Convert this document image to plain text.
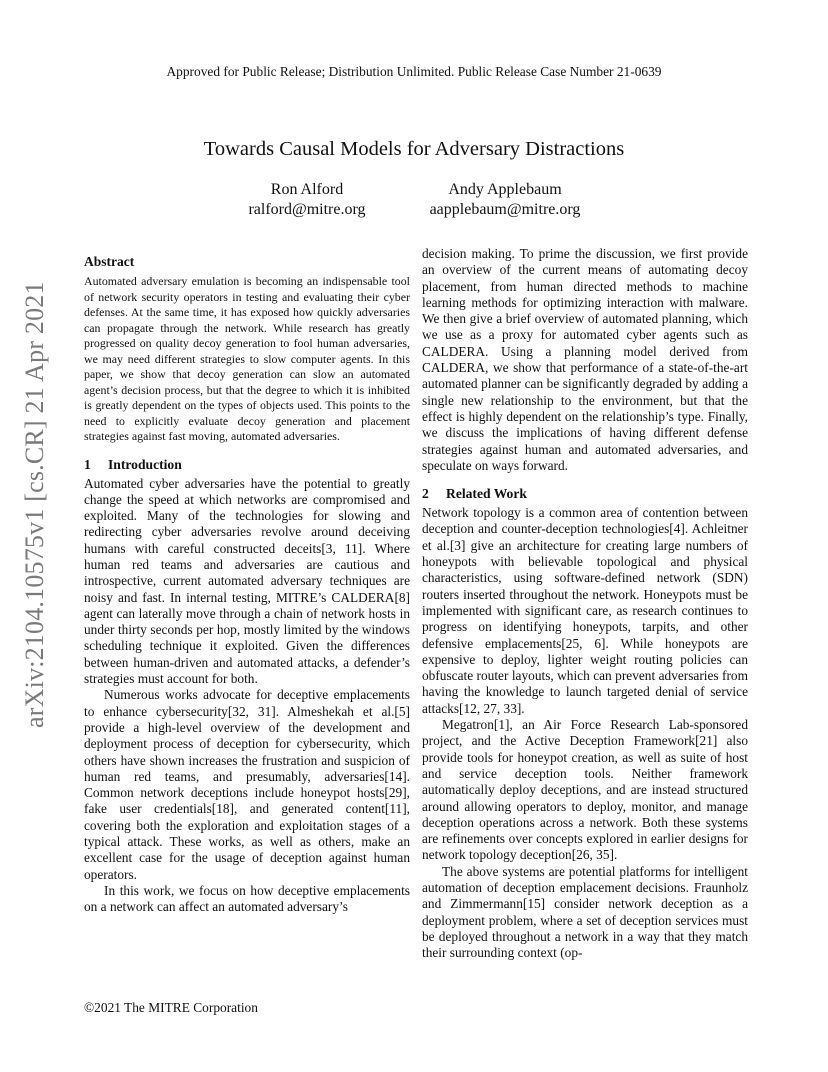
Approved for Public Release; Distribution Unlimited. Public Release Case Number 21-0639
Towards Causal Models for Adversary Distractions
Ron Alford
ralford@mitre.org
Andy Applebaum
aapplebaum@mitre.org
arXiv:2104.10575v1 [cs.CR] 21 Apr 2021
Abstract

Automated adversary emulation is becoming an indispensable tool of network security operators in testing and evaluating their cyber defenses. At the same time, it has exposed how quickly adversaries can propagate through the network. While research has greatly progressed on quality decoy generation to fool human adversaries, we may need different strategies to slow computer agents. In this paper, we show that decoy generation can slow an automated agent’s decision process, but that the degree to which it is inhibited is greatly dependent on the types of objects used. This points to the need to explicitly evaluate decoy generation and placement strategies against fast moving, automated adversaries.

1 Introduction

Automated cyber adversaries have the potential to greatly change the speed at which networks are compromised and exploited. Many of the technologies for slowing and redirecting cyber adversaries revolve around deceiving humans with careful constructed deceits[3, 11]. Where human red teams and adversaries are cautious and introspective, current automated adversary techniques are noisy and fast. In internal testing, MITRE’s CALDERA[8] agent can laterally move through a chain of network hosts in under thirty seconds per hop, mostly limited by the windows scheduling technique it exploited. Given the differences between human-driven and automated attacks, a defender’s strategies must account for both.

Numerous works advocate for deceptive emplacements to enhance cybersecurity[32, 31]. Almeshekah et al.[5] provide a high-level overview of the development and deployment process of deception for cybersecurity, which others have shown increases the frustration and suspicion of human red teams, and presumably, adversaries[14]. Common network deceptions include honeypot hosts[29], fake user credentials[18], and generated content[11], covering both the exploration and exploitation stages of a typical attack. These works, as well as others, make an excellent case for the usage of deception against human operators.

In this work, we focus on how deceptive emplacements on a network can affect an automated adversary’s

decision making. To prime the discussion, we first provide an overview of the current means of automating decoy placement, from human directed methods to machine learning methods for optimizing interaction with malware. We then give a brief overview of automated planning, which we use as a proxy for automated cyber agents such as CALDERA. Using a planning model derived from CALDERA, we show that performance of a state-of-the-art automated planner can be significantly degraded by adding a single new relationship to the environment, but that the effect is highly dependent on the relationship’s type. Finally, we discuss the implications of having different defense strategies against human and automated adversaries, and speculate on ways forward.

2 Related Work

Network topology is a common area of contention between deception and counter-deception technologies[4]. Achleitner et al.[3] give an architecture for creating large numbers of honeypots with believable topological and physical characteristics, using software-defined network (SDN) routers inserted throughout the network. Honeypots must be implemented with significant care, as research continues to progress on identifying honeypots, tarpits, and other defensive emplacements[25, 6]. While honeypots are expensive to deploy, lighter weight routing policies can obfuscate router layouts, which can prevent adversaries from having the knowledge to launch targeted denial of service attacks[12, 27, 33].

Megatron[1], an Air Force Research Lab-sponsored project, and the Active Deception Framework[21] also provide tools for honeypot creation, as well as suite of host and service deception tools. Neither framework automatically deploy deceptions, and are instead structured around allowing operators to deploy, monitor, and manage deception operations across a network. Both these systems are refinements over concepts explored in earlier designs for network topology deception[26, 35].

The above systems are potential platforms for intelligent automation of deception emplacement decisions. Fraunholz and Zimmermann[15] consider network deception as a deployment problem, where a set of deception services must be deployed throughout a network in a way that they match their surrounding context (op-

©2021 The MITRE Corporation
